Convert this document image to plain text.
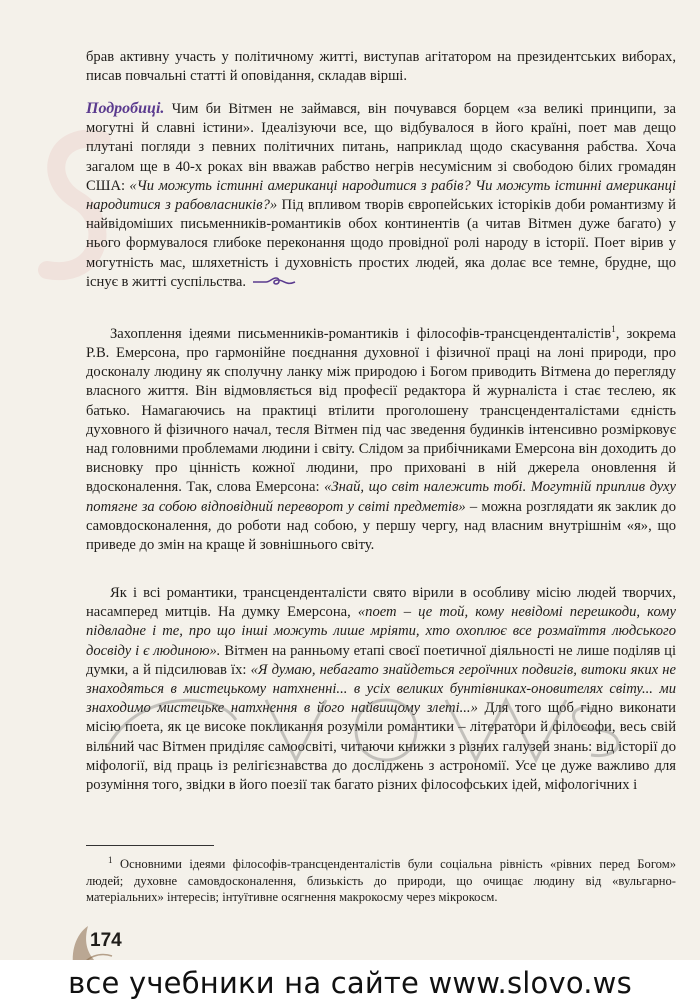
брав активну участь у політичному житті, виступав агітатором на президентських виборах, писав повчальні статті й оповідання, складав вірші.

Подробиці. Чим би Вітмен не займався, він почувався борцем «за великі принципи, за могутні й славні істини». Ідеалізуючи все, що відбувалося в його країні, поет мав дещо плутані погляди з певних політичних питань, наприклад щодо скасування рабства. Хоча загалом ще в 40-х роках він вважав рабство негрів несумісним зі свободою білих громадян США: «Чи можуть істинні американці народитися з рабів? Чи можуть істинні американці народитися з рабовласників?» Під впливом творів європейських історіків доби романтизму й найвідоміших письменників-романтиків обох континентів (а читав Вітмен дуже багато) у нього формувалося глибоке переконання щодо провідної ролі народу в історії. Поет вірив у могутність мас, шляхетність і духовність простих людей, яка долає все темне, брудне, що існує в житті суспільства.

Захоплення ідеями письменників-романтиків і філософів-трансценденталістів$^1$, зокрема Р.В. Емерсона, про гармонійне поєднання духовної і фізичної праці на лоні природи, про досконалу людину як сполучну ланку між природою і Богом приводить Вітмена до перегляду власного життя. Він відмовляється від професії редактора й журналіста і стає теслею, як батько. Намагаючись на практиці втілити проголошену трансценденталістами єдність духовного й фізичного начал, тесля Вітмен під час зведення будинків інтенсивно розмірковує над головними проблемами людини і світу. Слідом за прибічниками Емерсона він доходить до висновку про цінність кожної людини, про приховані в ній джерела оновлення й вдосконалення. Так, слова Емерсона: «Знай, що світ належить тобі. Могутній приплив духу потягне за собою відповідний переворот у світі предметів» – можна розглядати як заклик до самовдосконалення, до роботи над собою, у першу чергу, над власним внутрішнім «я», що приведе до змін на краще й зовнішнього світу.

Як і всі романтики, трансценденталісти свято вірили в особливу місію людей творчих, насамперед митців. На думку Емерсона, «поет – це той, кому невідомі перешкоди, кому підвладне і те, про що інші можуть лише мріяти, хто охоплює все розмаїття людського досвіду і є людиною». Вітмен на ранньому етапі своєї поетичної діяльності не лише поділяв ці думки, а й підсилював їх: «Я думаю, небагато знайдеться героїчних подвигів, витоки яких не знаходяться в мистецькому натхненні... в усіх великих бунтівниках-оновителях світу... ми знаходимо мистецьке натхнення в його найвищому злеті...» Для того щоб гідно виконати місію поета, як це високе покликання розуміли романтики – літератори й філософи, весь свій вільний час Вітмен приділяє самоосвіті, читаючи книжки з різних галузей знань: від історії до міфології, від праць із релігієзнавства до досліджень з астрономії. Усе це дуже важливо для розуміння того, звідки в його поезії так багато різних філософських ідей, міфологічних і

$^1$ Основними ідеями філософів-трансценденталістів були соціальна рівність «рівних перед Богом» людей; духовне самовдосконалення, близькість до природи, що очищає людину від «вульгарно-матеріальних» інтересів; інтуїтивне осягнення макрокосму через мікрокосм.

174
все учебники на сайте www.slovo.ws
